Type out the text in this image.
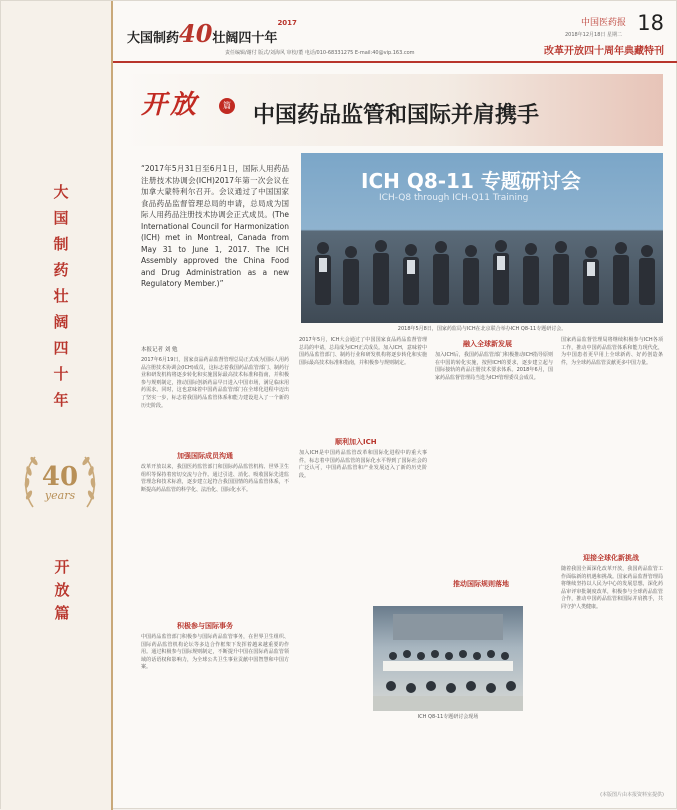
大国制药壮阔四十年
40
years
开放篇
大国制药40壮阔四十年$^{2017}$
责任编辑/谢付 版式/刘海风 审校/董 电话/010-68331275 E-mail:40@vip.163.com
中国医药报 18
2018年12月18日 星期二
改革开放四十周年典藏特刊
开放	篇 中国药品监管和国际并肩携手
“2017年5月31日至6月1日，国际人用药品注册技术协调会(ICH)2017年第一次会议在加拿大蒙特利尔召开。会议通过了中国国家食品药品监督管理总局的申请，总局成为国际人用药品注册技术协调会正式成员。(The International Council for Harmonization (ICH) met in Montreal, Canada from May 31 to June 1, 2017. The ICH Assembly approved the China Food and Drug Administration as a new Regulatory Member.)”
ICH Q8-11 专题研讨会
ICH-Q8 through ICH-Q11 Training
2018年5月8日，国家药监局与ICH在北京联合举办ICH Q8-11专题研讨会。
本报记者 刘 勉
2017年6月19日，国家食品药品监督管理总局正式成为国际人用药品注册技术协调会(ICH)成员，这标志着我国药品监管部门、制药行业和研发机构将逐步转化和实施国际最高技术标准和指南，并积极参与规则制定，推动国际创新药品早日进入中国市场，满足临床用药需求。同时，这也意味着中国药品监管部门在全球化进程中迈出了坚实一步，标志着我国药品监管体系和能力建设进入了一个新的历史阶段。
加强国际成员沟通
改革开放以来，我国医药监管部门和国际药品监管机构、世界卫生组织等保持着密切交流与合作。通过引进、消化、吸收国际先进监管理念和技术标准，逐步建立起符合我国国情的药品监管体系，不断提高药品监管的科学化、法治化、国际化水平。
积极参与国际事务
中国药品监管部门积极参与国际药品监管事务，在世界卫生组织、国际药品监管机构论坛等多边合作框架下发挥着越来越重要的作用。通过积极参与国际规则制定，不断提升中国在国际药品监管领域的话语权和影响力，为全球公共卫生事业贡献中国智慧和中国方案。
2017年5月，ICH大会通过了中国国家食品药品监督管理总局的申请，总局成为ICH正式成员。加入ICH，意味着中国药品监管部门、制药行业和研发机构将逐步转化和实施国际最高技术标准和指南，并积极参与规则制定。
顺利加入ICH
加入ICH是中国药品监管改革和国际化进程中的重大事件，标志着中国药品监管的国际化水平得到了国际社会的广泛认可，中国药品监管和产业发展迈入了新的历史阶段。
融入全球新发展
加入ICH后，我国药品监管部门积极推动ICH指导原则在中国的转化实施，按照ICH的要求，逐步建立起与国际接轨的药品注册技术要求体系。2018年6月，国家药品监督管理局当选为ICH管理委员会成员。
推动国际规则落地
国家药品监督管理局将继续积极参与ICH各项工作，推动中国药品监管体系和能力现代化，为中国患者更早用上全球新药、好药创造条件，为全球药品监管贡献更多中国力量。
迎接全球化新挑战
随着我国全面深化改革开放，我国药品监管工作面临新的机遇和挑战。国家药品监督管理局将继续坚持以人民为中心的发展思想，深化药品审评审批制度改革，积极参与全球药品监管合作，推动中国药品监管和国际并肩携手，共同守护人类健康。
ICH Q8-11专题研讨会现场
(本版图片由本报资料室提供)
